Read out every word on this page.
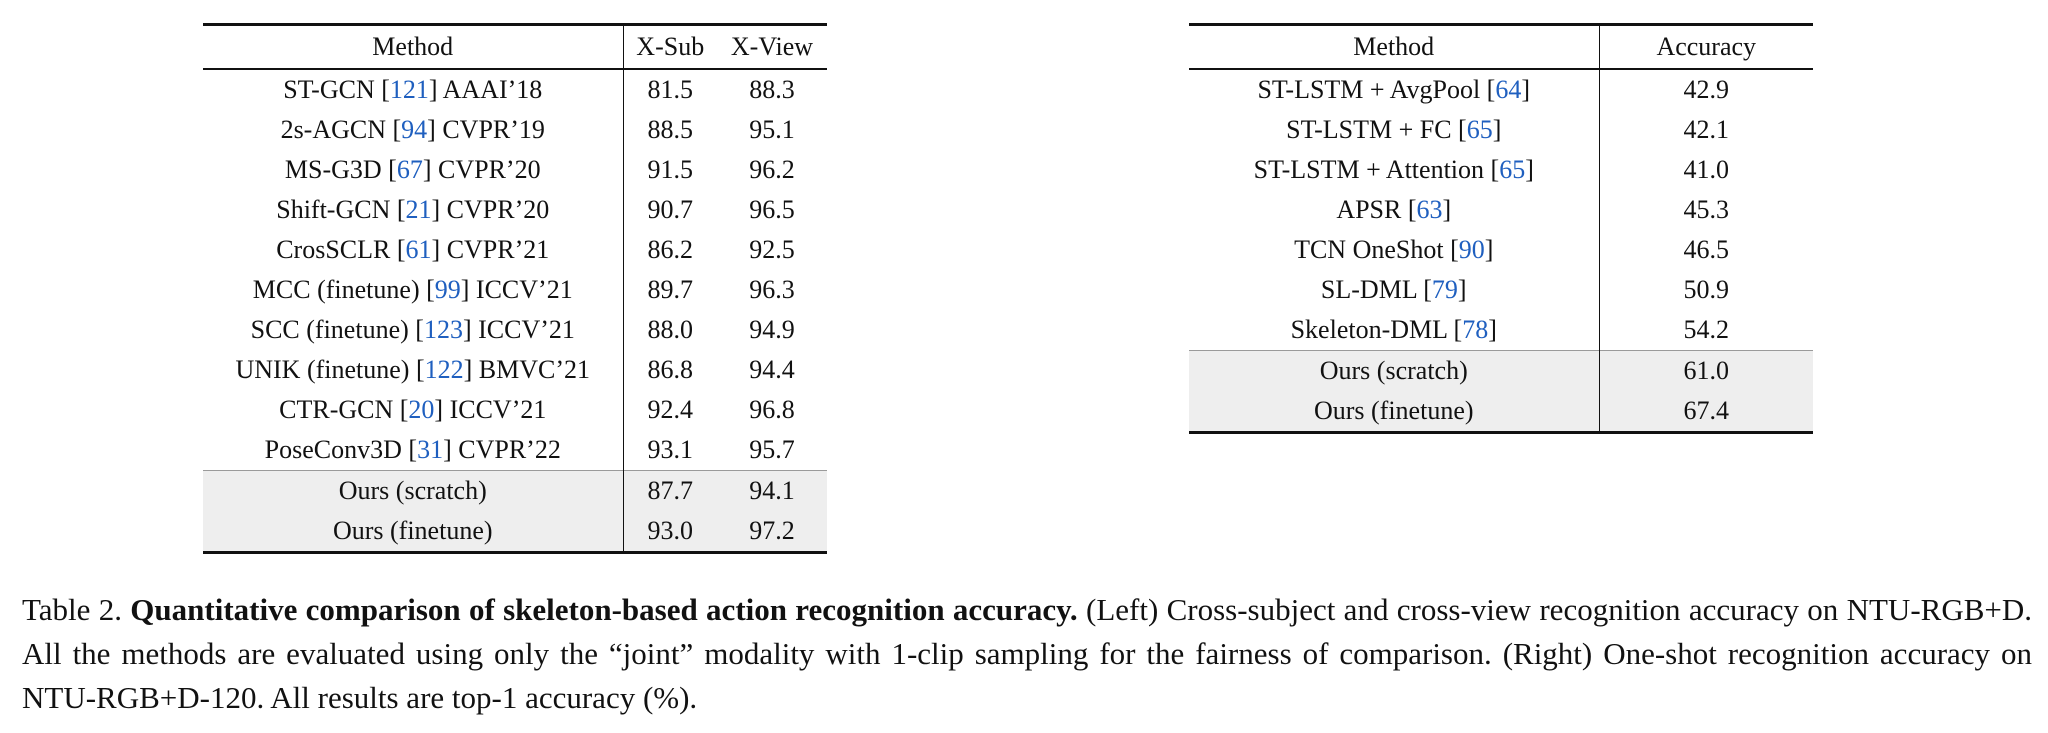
Method	X-Sub	X-View
ST-GCN [121] AAAI’18	81.5	88.3
2s-AGCN [94] CVPR’19	88.5	95.1
MS-G3D [67] CVPR’20	91.5	96.2
Shift-GCN [21] CVPR’20	90.7	96.5
CrosSCLR [61] CVPR’21	86.2	92.5
MCC (finetune) [99] ICCV’21	89.7	96.3
SCC (finetune) [123] ICCV’21	88.0	94.9
UNIK (finetune) [122] BMVC’21	86.8	94.4
CTR-GCN [20] ICCV’21	92.4	96.8
PoseConv3D [31] CVPR’22	93.1	95.7
Ours (scratch)	87.7	94.1
Ours (finetune)	93.0	97.2
Method	Accuracy
ST-LSTM + AvgPool [64]	42.9
ST-LSTM + FC [65]	42.1
ST-LSTM + Attention [65]	41.0
APSR [63]	45.3
TCN OneShot [90]	46.5
SL-DML [79]	50.9
Skeleton-DML [78]	54.2
Ours (scratch)	61.0
Ours (finetune)	67.4
Table 2. Quantitative comparison of skeleton-based action recognition accuracy. (Left) Cross-subject and cross-view recognition accuracy on NTU-RGB+D. All the methods are evaluated using only the “joint” modality with 1-clip sampling for the fairness of comparison. (Right) One-shot recognition accuracy on NTU-RGB+D-120. All results are top-1 accuracy (%).
